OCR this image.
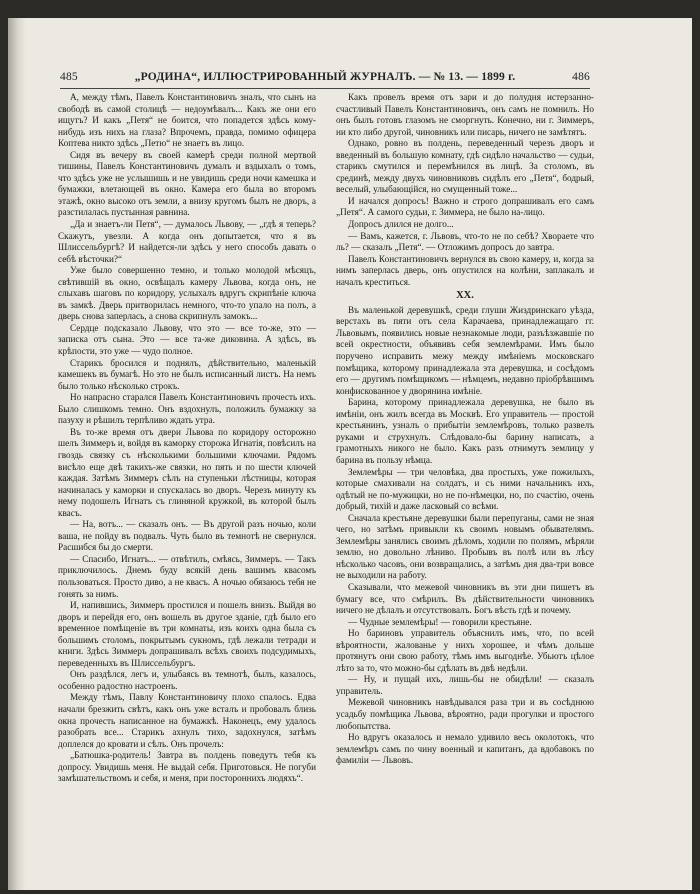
485	„РОДИНА“, ИЛЛЮСТРИРОВАННЫЙ ЖУРНАЛЪ. — № 13. — 1899 г.	486

А, между тѣмъ, Павелъ Константиновичъ зналъ, что сынъ на свободѣ въ самой столицѣ — недоумѣвалъ... Какъ же они его ищутъ? И какъ „Петя“ не боится, что попадется здѣсь кому-нибудь изъ нихъ на глаза? Впрочемъ, правда, помимо офицера Коптева никто здѣсь „Петю“ не знаетъ въ лицо.

Сидя въ вечеру въ своей камерѣ среди полной мертвой тишины, Павелъ Константиновичъ думалъ и вздыхалъ о томъ, что здѣсь уже не услышишь и не увидишь среди ночи камешка и бумажки, влетающей въ окно. Камера его была во второмъ этажѣ, окно высоко отъ земли, а внизу кругомъ былъ не дворъ, а разстилалась пустынная равнина.

„Да и знаетъ-ли Петя“, — думалось Львову, — „гдѣ я теперь? Скажутъ, увезли. А когда онъ допытается, что я въ Шлиссельбургѣ? И найдется-ли здѣсь у него способъ давать о себѣ вѣсточки?“

Уже было совершенно темно, и только молодой мѣсяцъ, свѣтившій въ окно, освѣщалъ камеру Львова, когда онъ, не слыхавъ шаговъ по коридору, услыхалъ вдругъ скрипѣніе ключа въ замкѣ. Дверь притворилась немного, что-то упало на полъ, а дверь снова заперлась, а снова скрипнулъ замокъ...

Сердце подсказало Львову, что это — все то-же, это — записка отъ сына. Это — все та-же диковина. А здѣсь, въ крѣпости, это уже — чудо полное.

Старикъ бросился и поднялъ, дѣйствительно, маленькій камешекъ въ бумагѣ. Но это не былъ исписанный листъ. На немъ было только нѣсколько строкъ.

Но напрасно старался Павелъ Константиновичъ прочесть ихъ. Было слишкомъ темно. Онъ вздохнулъ, положилъ бумажку за пазуху и рѣшилъ терпѣливо ждать утра.

Въ то-же время отъ двери Львова по коридору осторожно шелъ Зиммеръ и, войдя въ каморку сторожа Игнатія, повѣсилъ на гвоздь связку съ нѣсколькими большими ключами. Рядомъ висѣло еще двѣ такихъ-же связки, но пять и по шести ключей каждая. Затѣмъ Зиммеръ сѣлъ на ступеньки лѣстницы, которая начиналась у каморки и спускалась во дворъ. Черезъ минуту къ нему подошелъ Игнатъ съ глиняной кружкой, въ которой былъ квасъ.

— На, вотъ... — сказалъ онъ. — Въ другой разъ ночью, коли ваша, не пойду въ подвалъ. Чуть было въ темнотѣ не свернулся. Расшибся бы до смерти.

— Спасибо, Игнатъ... — отвѣтилъ, смѣясь, Зиммеръ. — Такъ приключилось. Днемъ буду всякій день вашимъ квасомъ пользоваться. Просто диво, а не квасъ. А ночью обязаюсь тебя не гонять за нимъ.

И, напившись, Зиммеръ простился и пошелъ внизъ. Выйдя во дворъ и перейдя его, онъ вошелъ въ другое зданіе, гдѣ было его временное помѣщеніе въ три комнаты, изъ коихъ одна была съ большимъ столомъ, покрытымъ сукномъ, гдѣ лежали тетради и книги. Здѣсь Зиммеръ допрашивалъ всѣхъ своихъ подсудимыхъ, переведенныхъ въ Шлиссельбургъ.

Онъ раздѣлся, легъ и, улыбаясь въ темнотѣ, былъ, казалось, особенно радостно настроенъ.

Между тѣмъ, Павлу Константиновичу плохо спалось. Едва начали брезжить свѣтъ, какъ онъ уже всталъ и пробовалъ близь окна прочесть написанное на бумажкѣ. Наконецъ, ему удалось разобрать все... Старикъ ахнулъ тихо, задохнулся, затѣмъ доплелся до кровати и сѣлъ. Онъ прочелъ:

„Батюшка-родитель! Завтра въ полдень поведутъ тебя къ допросу. Увидишь меня. Не выдай себя. Приготовься. Не погуби замѣшательствомъ и себя, и меня, при постороннихъ людяхъ“.

Какъ провелъ время отъ зари и до полудня истерзанно-счастливый Павелъ Константиновичъ, онъ самъ не помнилъ. Но онъ былъ готовъ глазомъ не сморгнуть. Конечно, ни г. Зиммеръ, ни кто либо другой, чиновникъ или писарь, ничего не замѣтятъ.

Однако, ровно въ полдень, переведенный черезъ дворъ и введенный въ большую комнату, гдѣ сидѣло начальство — судьи, старикъ смутился и перемѣнился въ лицѣ. За столомъ, въ срединѣ, между двухъ чиновниковъ сидѣлъ его „Петя“, бодрый, веселый, улыбающійся, но смущенный тоже...

И начался допросъ! Важно и строго допрашивалъ его самъ „Петя“. А самого судьи, г. Зиммера, не было на-лицо.

Допросъ длился не долго...

— Вамъ, кажется, г. Львовъ, что-то не по себѣ? Хвораете что ль? — сказалъ „Петя“. — Отложимъ допросъ до завтра.

Павелъ Константиновичъ вернулся въ свою камеру, и, когда за нимъ заперлась дверь, онъ опустился на колѣни, заплакалъ и началъ креститься.

ХХ.

Въ маленькой деревушкѣ, среди глуши Жиздринскаго уѣзда, верстахъ въ пяти отъ села Карачаева, принадлежащаго гг. Львовымъ, появились новые незнакомые люди, разъѣзжавшіе по всей окрестности, объявивъ себя землемѣрами. Имъ было поручено исправить межу между имѣніемъ московскаго помѣщика, которому принадлежала эта деревушка, и сосѣдомъ его — другимъ помѣщикомъ — нѣмцемъ, недавно пріобрѣвшимъ конфискованное у дворянина имѣніе.

Барина, которому принадлежала деревушка, не было въ имѣніи, онъ жилъ всегда въ Москвѣ. Его управитель — простой крестьянинъ, узналъ о прибытіи землемѣровъ, только развелъ руками и струхнулъ. Слѣдовало-бы барину написать, а грамотныхъ никого не было. Какъ разъ отнимутъ землицу у барина въ пользу нѣмца.

Землемѣры — три человѣка, два простыхъ, уже пожилыхъ, которые смахивали на солдатъ, и съ ними начальникъ ихъ, одѣтый не по-мужицки, но не по-нѣмецки, но, по счастію, очень добрый, тихій и даже ласковый со всѣми.

Сначала крестьяне деревушки были перепуганы, сами не зная чего, но затѣмъ привыкли къ своимъ новымъ обывателямъ. Землемѣры занялись своимъ дѣломъ, ходили по полямъ, мѣряли землю, но довольно лѣниво. Пробывъ въ полѣ или въ лѣсу нѣсколько часовъ, они возвращались, а затѣмъ дня два-три вовсе не выходили на работу.

Сказывали, что межевой чиновникъ въ эти дни пишетъ въ бумагу все, что смѣрилъ. Въ дѣйствительности чиновникъ ничего не дѣлалъ и отсутствовалъ. Богъ вѣсть гдѣ и почему.

— Чудные землемѣры! — говорили крестьяне.

Но бариновъ управитель объяснилъ имъ, что, по всей вѣроятности, жалованье у нихъ хорошее, и чѣмъ дольше протянутъ они свою работу, тѣмъ имъ выгоднѣе. Убьютъ цѣлое лѣто за то, что можно-бы сдѣлать въ двѣ недѣли.

— Ну, и пущай ихъ, лишь-бы не обидѣли! — сказалъ управитель.

Межевой чиновникъ навѣдывался раза три и въ сосѣднюю усадьбу помѣщика Львова, вѣроятно, ради прогулки и простого любопытства.

Но вдругъ оказалось и немало удивило весь околотокъ, что землемѣръ самъ по чину военный и капитанъ, да вдобавокъ по фамиліи — Львовъ.
